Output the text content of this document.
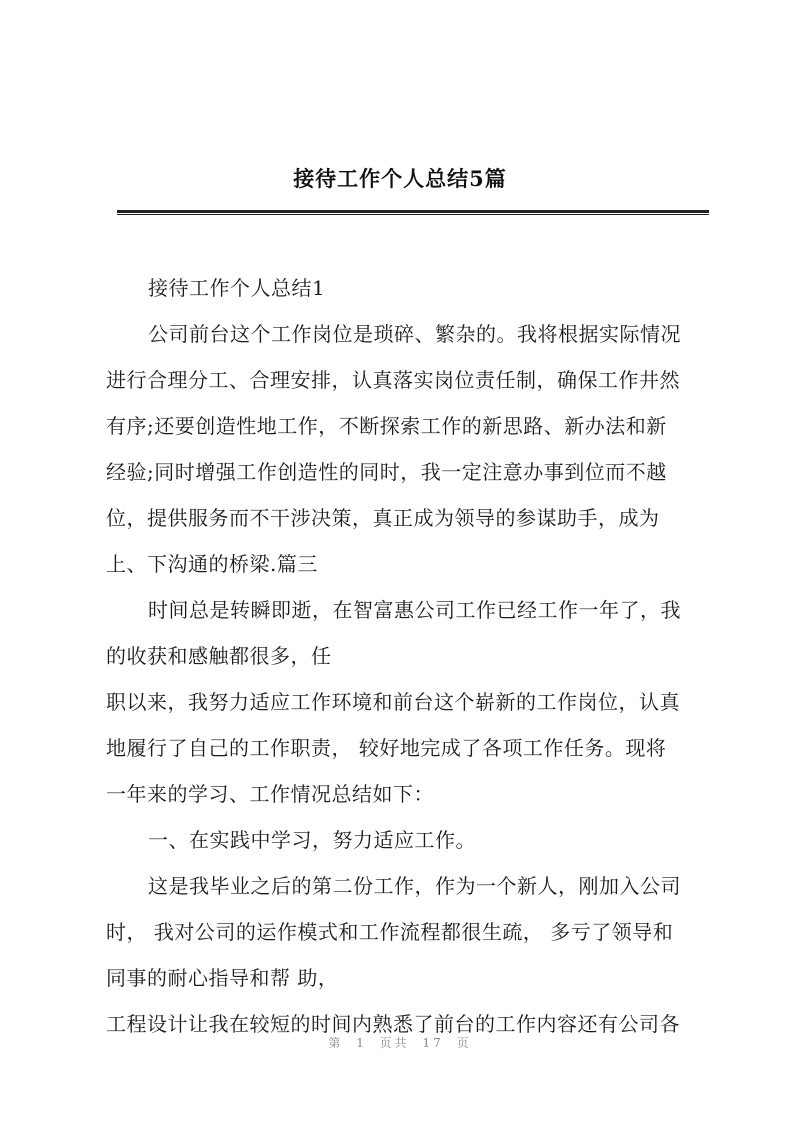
接待工作个人总结5篇
接待工作个人总结1
公司前台这个工作岗位是琐碎、繁杂的。我将根据实际情况
进行合理分工、合理安排，认真落实岗位责任制，确保工作井然
有序;还要创造性地工作，不断探索工作的新思路、新办法和新
经验;同时增强工作创造性的同时，我一定注意办事到位而不越
位，提供服务而不干涉决策，真正成为领导的参谋助手，成为
上、下沟通的桥梁.篇三
时间总是转瞬即逝，在智富惠公司工作已经工作一年了，我
的收获和感触都很多，任
职以来，我努力适应工作环境和前台这个崭新的工作岗位，认真
地履行了自己的工作职责， 较好地完成了各项工作任务。现将
一年来的学习、工作情况总结如下：
一、在实践中学习，努力适应工作。
这是我毕业之后的第二份工作，作为一个新人，刚加入公司
时， 我对公司的运作模式和工作流程都很生疏， 多亏了领导和
同事的耐心指导和帮 助，
工程设计让我在较短的时间内熟悉了前台的工作内容还有公司各
第 1 页共 17 页
